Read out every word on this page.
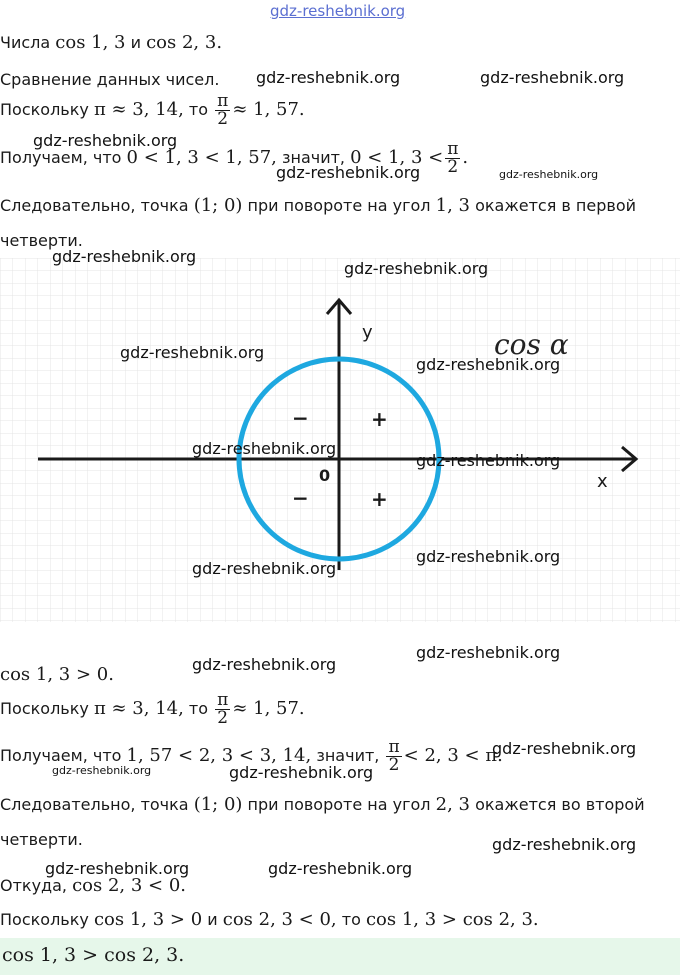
gdz-reshebnik.org
Числа cos 1, 3 и cos 2, 3.
Сравнение данных чисел.
Поскольку π ≈ 3, 14, то $\frac{\pi}{2} \approx 1$, 57.
Получаем, что 0 < 1, 3 < 1, 57, значит, 0 < 1, $3 < \frac{\pi}{2}$ .
Следовательно, точка (1; 0) при повороте на угол 1, 3 окажется в первой
четверти.
y
x
0
cos α
−	+
−	+
cos 1, 3 > 0.
Поскольку π ≈ 3, 14, то $\frac{\pi}{2} \approx 1$, 57.
Получаем, что 1, 57 < 2, 3 < 3, 14, значит, $\frac{\pi}{2} < 2$, 3 < π.
Следовательно, точка (1; 0) при повороте на угол 2, 3 окажется во второй
четверти.
Откуда, cos 2, 3 < 0.
Поскольку cos 1, 3 > 0 и cos 2, 3 < 0, то cos 1, 3 > cos 2, 3.
cos 1, 3 > cos 2, 3.
gdz-reshebnik.org	gdz-reshebnik.org
gdz-reshebnik.org
gdz-reshebnik.org	gdz-reshebnik.org
gdz-reshebnik.org
gdz-reshebnik.org
gdz-reshebnik.org
gdz-reshebnik.org
gdz-reshebnik.org
gdz-reshebnik.org
gdz-reshebnik.org
gdz-reshebnik.org
gdz-reshebnik.org
gdz-reshebnik.org
gdz-reshebnik.org
gdz-reshebnik.org	gdz-reshebnik.org
gdz-reshebnik.org
gdz-reshebnik.org	gdz-reshebnik.org
